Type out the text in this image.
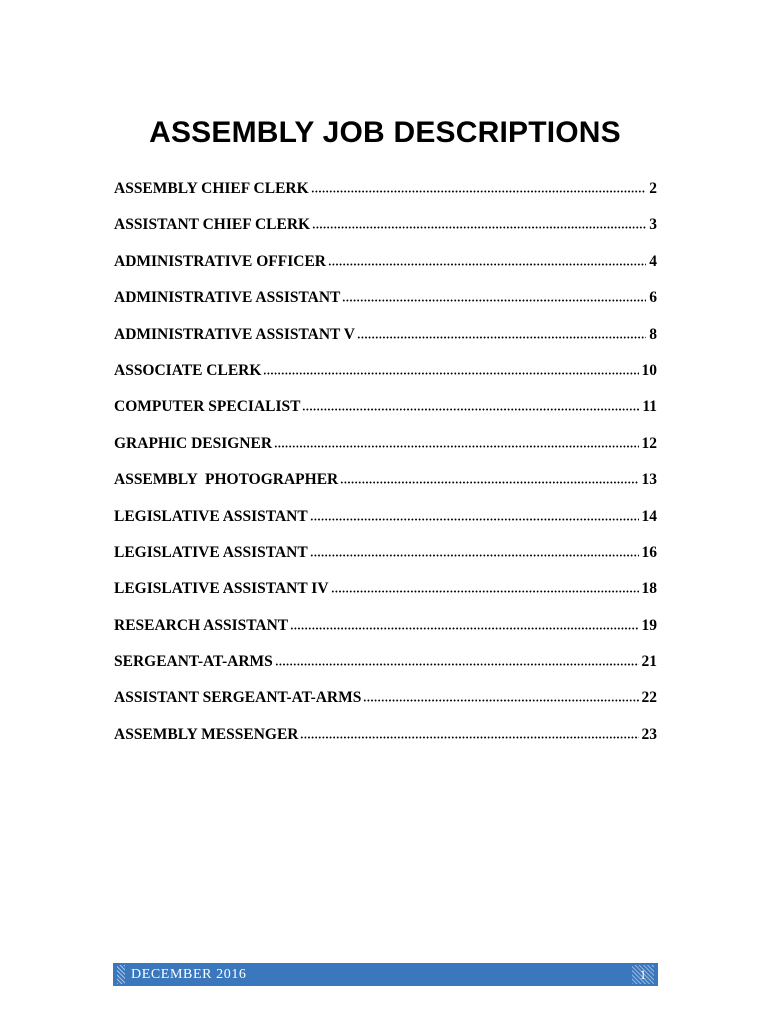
ASSEMBLY JOB DESCRIPTIONS
ASSEMBLY CHIEF CLERK	2
ASSISTANT CHIEF CLERK	3
ADMINISTRATIVE OFFICER	4
ADMINISTRATIVE ASSISTANT	6
ADMINISTRATIVE ASSISTANT V	8
ASSOCIATE CLERK	10
COMPUTER SPECIALIST	11
GRAPHIC DESIGNER	12
ASSEMBLY  PHOTOGRAPHER	13
LEGISLATIVE ASSISTANT	14
LEGISLATIVE ASSISTANT	16
LEGISLATIVE ASSISTANT IV	18
RESEARCH ASSISTANT	19
SERGEANT-AT-ARMS	21
ASSISTANT SERGEANT-AT-ARMS	22
ASSEMBLY MESSENGER	23
DECEMBER 2016	1
